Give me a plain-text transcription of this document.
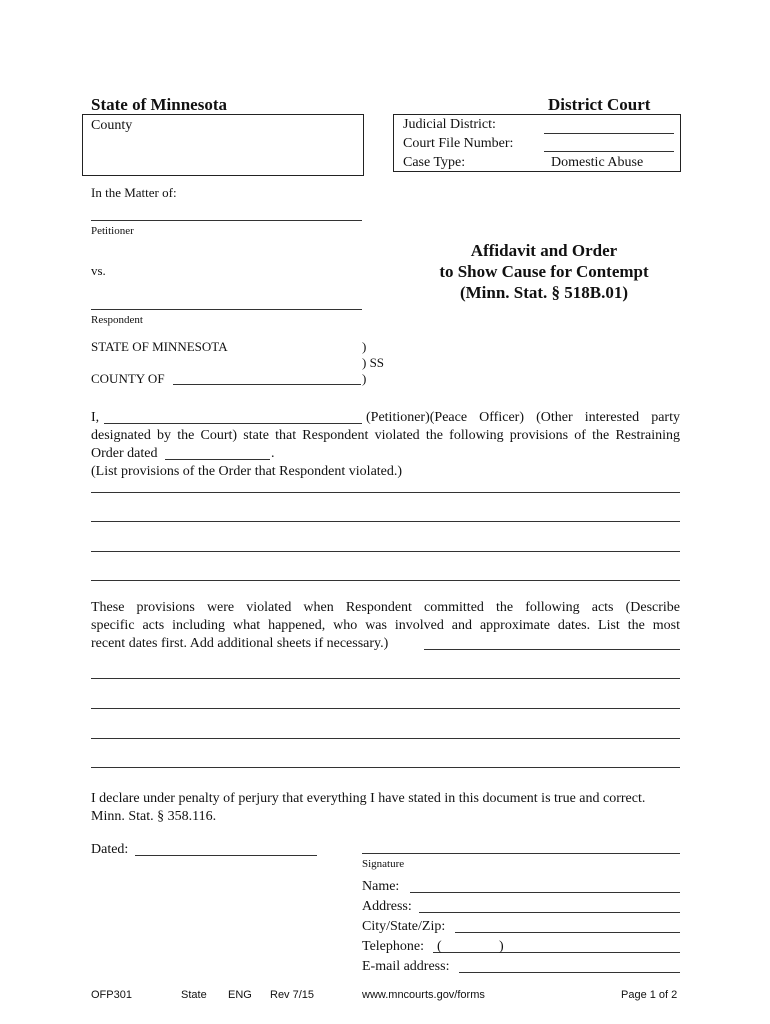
State of Minnesota	District Court
County	Judicial District:
Court File Number:
Case Type:	Domestic Abuse
In the Matter of:
Petitioner
vs.
Respondent
Affidavit and Order
to Show Cause for Contempt
(Minn. Stat. § 518B.01)
STATE OF MINNESOTA	)
) SS
COUNTY OF	)
I,	(Petitioner)(Peace Officer) (Other interested party
designated by the Court) state that Respondent violated the following provisions of the Restraining
Order dated	.
(List provisions of the Order that Respondent violated.)
These provisions were violated when Respondent committed the following acts (Describe
specific acts including what happened, who was involved and approximate dates. List the most
recent dates first. Add additional sheets if necessary.)
I declare under penalty of perjury that everything I have stated in this document is true and correct.
Minn. Stat. § 358.116.
Dated:
Signature
Name:
Address:
City/State/Zip:
Telephone: (	)
E-mail address:
OFP301	State ENG Rev 7/15	www.mncourts.gov/forms	Page 1 of 2
